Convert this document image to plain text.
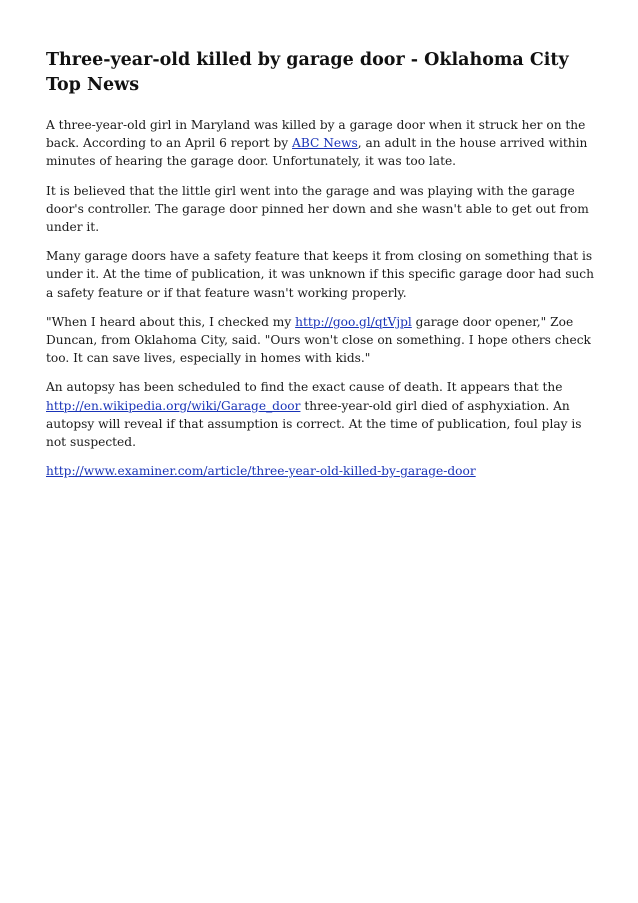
Three-year-old killed by garage door - Oklahoma City Top News

A three-year-old girl in Maryland was killed by a garage door when it struck her on the back. According to an April 6 report by ABC News, an adult in the house arrived within minutes of hearing the garage door. Unfortunately, it was too late.

It is believed that the little girl went into the garage and was playing with the garage door's controller. The garage door pinned her down and she wasn't able to get out from under it.

Many garage doors have a safety feature that keeps it from closing on something that is under it. At the time of publication, it was unknown if this specific garage door had such a safety feature or if that feature wasn't working properly.

"When I heard about this, I checked my http://goo.gl/qtVjpl garage door opener," Zoe Duncan, from Oklahoma City, said. "Ours won't close on something. I hope others check too. It can save lives, especially in homes with kids."

An autopsy has been scheduled to find the exact cause of death. It appears that the http://en.wikipedia.org/wiki/Garage_door three-year-old girl died of asphyxiation. An autopsy will reveal if that assumption is correct. At the time of publication, foul play is not suspected.

http://www.examiner.com/article/three-year-old-killed-by-garage-door
